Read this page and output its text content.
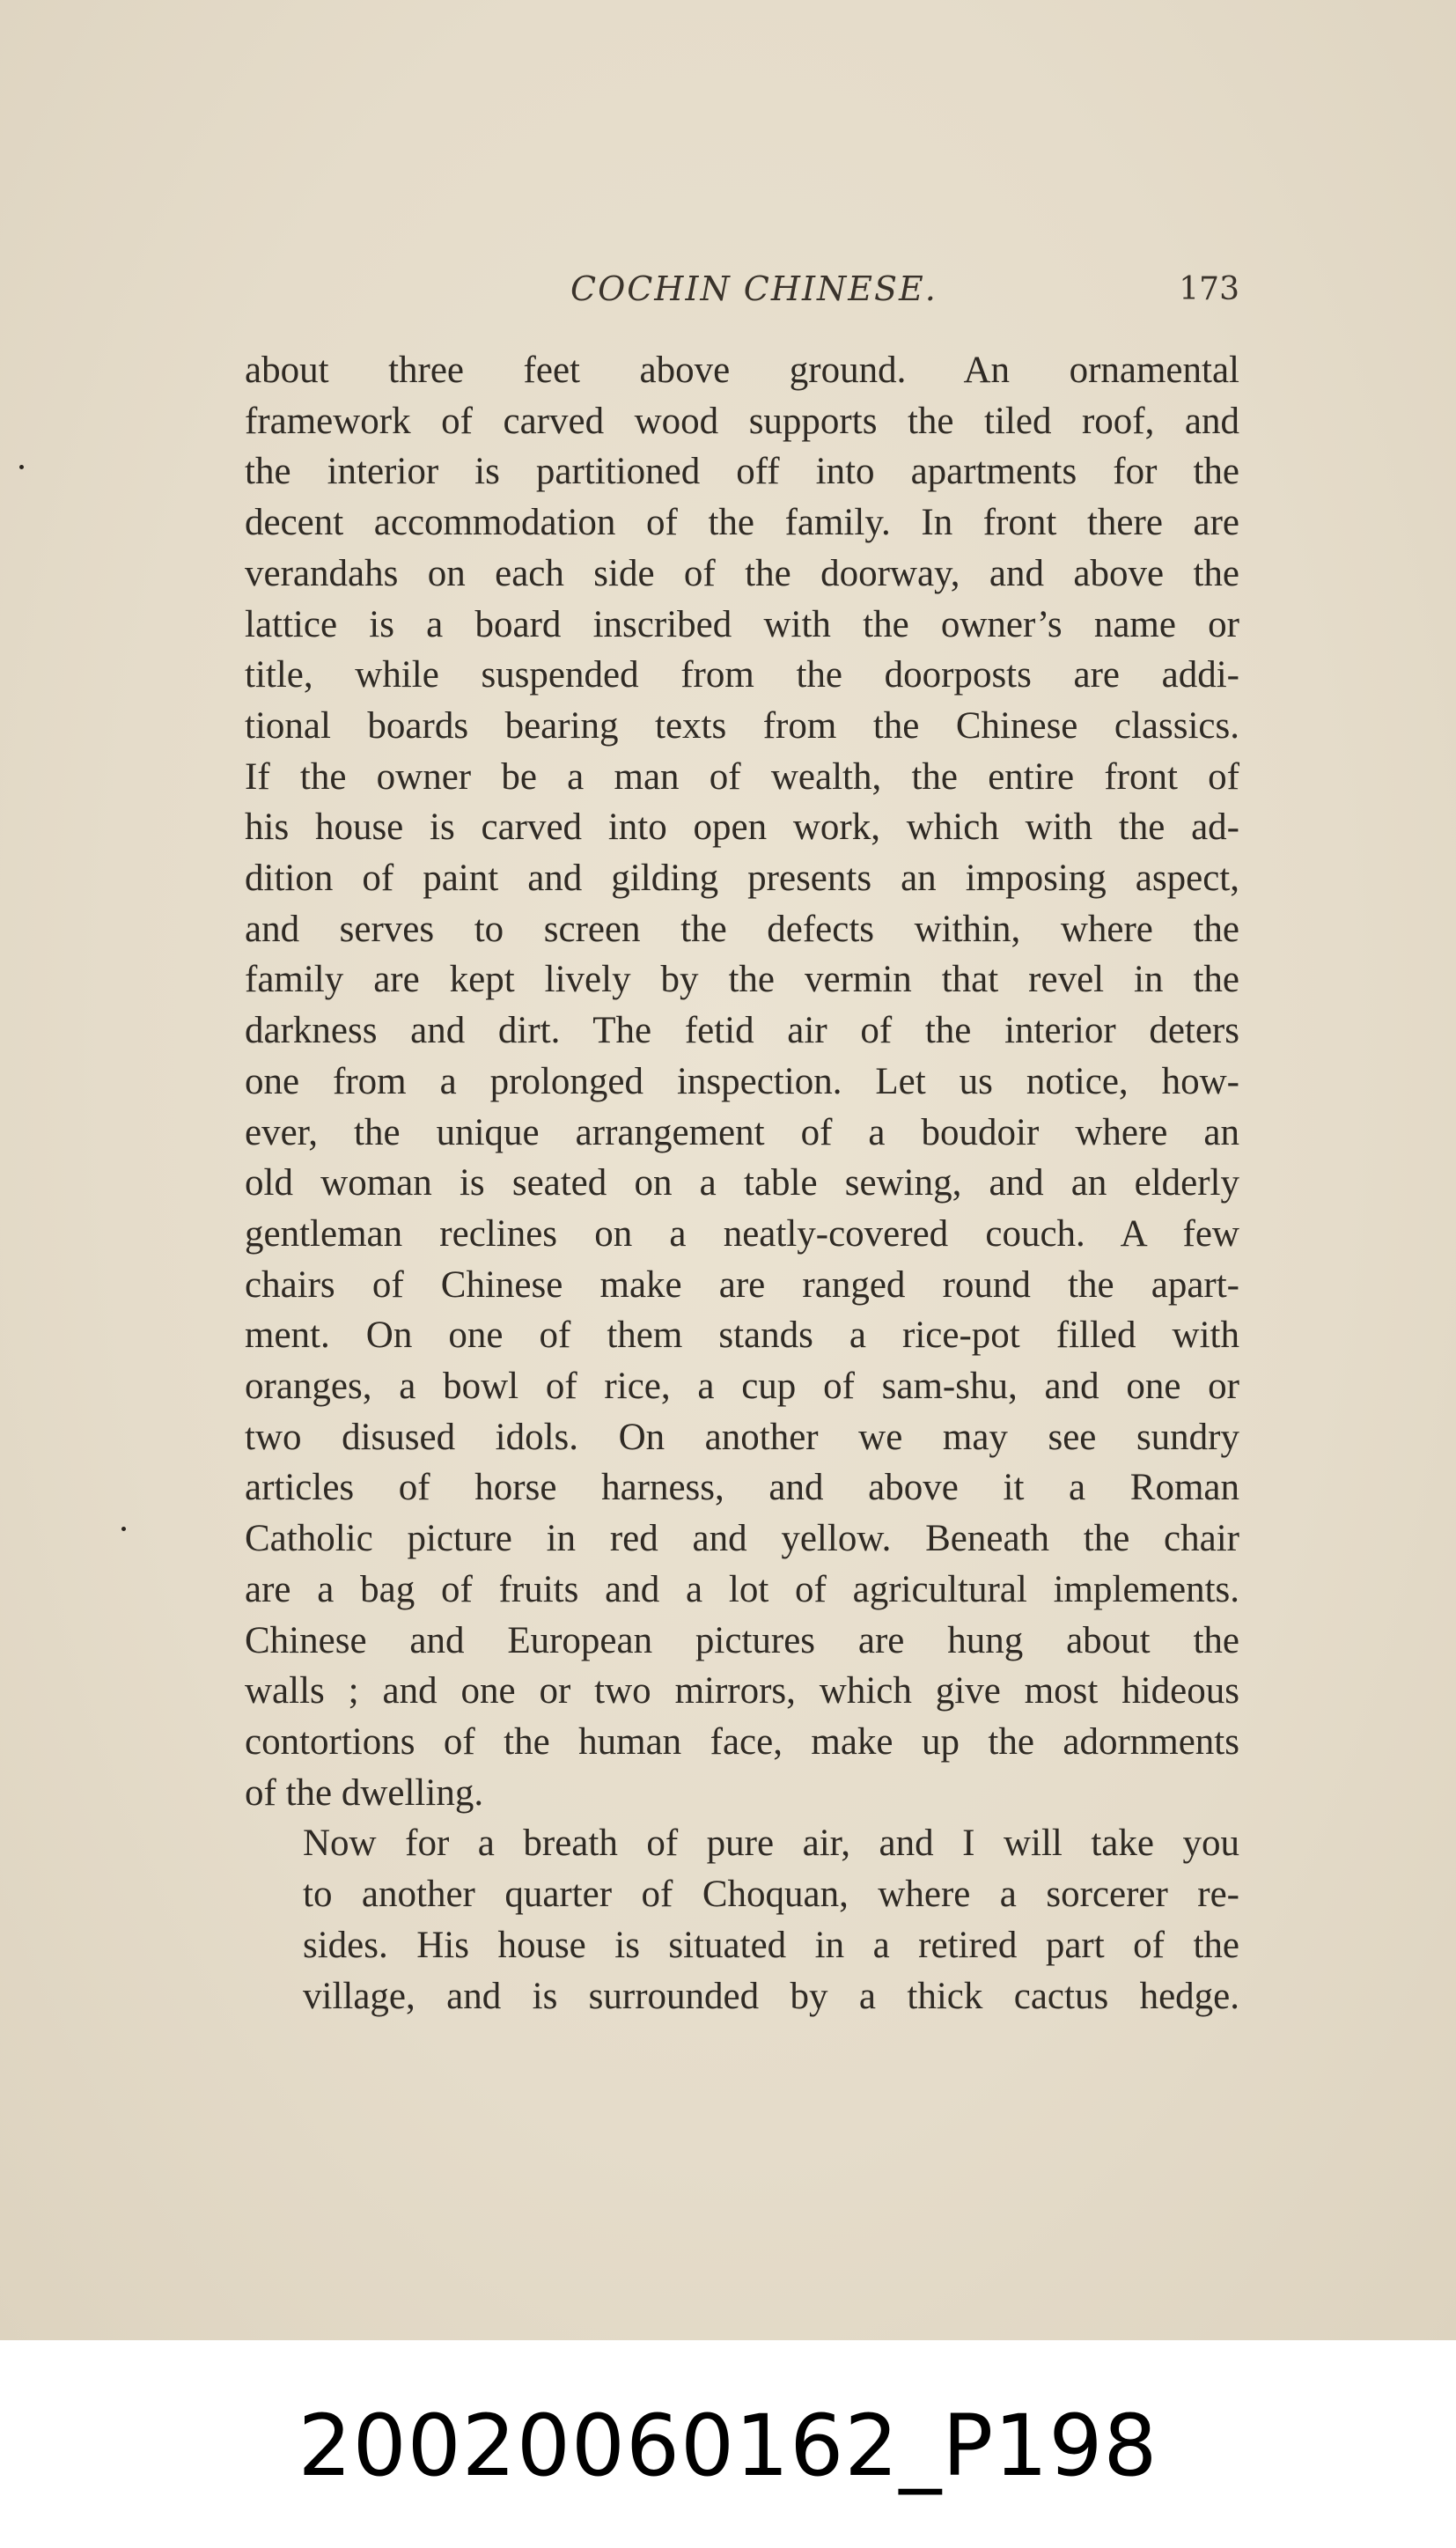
COCHIN CHINESE.	173

about three feet above ground. An ornamental
framework of carved wood supports the tiled roof, and
the interior is partitioned off into apartments for the
decent accommodation of the family. In front there are
verandahs on each side of the doorway, and above the
lattice is a board inscribed with the owner’s name or
title, while suspended from the doorposts are addi-
tional boards bearing texts from the Chinese classics.
If the owner be a man of wealth, the entire front of
his house is carved into open work, which with the ad-
dition of paint and gilding presents an imposing aspect,
and serves to screen the defects within, where the
family are kept lively by the vermin that revel in the
darkness and dirt. The fetid air of the interior deters
one from a prolonged inspection. Let us notice, how-
ever, the unique arrangement of a boudoir where an
old woman is seated on a table sewing, and an elderly
gentleman reclines on a neatly-covered couch. A few
chairs of Chinese make are ranged round the apart-
ment. On one of them stands a rice-pot filled with
oranges, a bowl of rice, a cup of sam-shu, and one or
two disused idols. On another we may see sundry
articles of horse harness, and above it a Roman
Catholic picture in red and yellow. Beneath the chair
are a bag of fruits and a lot of agricultural implements.
Chinese and European pictures are hung about the
walls ; and one or two mirrors, which give most hideous
contortions of the human face, make up the adornments
of the dwelling.

Now for a breath of pure air, and I will take you
to another quarter of Choquan, where a sorcerer re-
sides. His house is situated in a retired part of the
village, and is surrounded by a thick cactus hedge.

20020060162_P198
